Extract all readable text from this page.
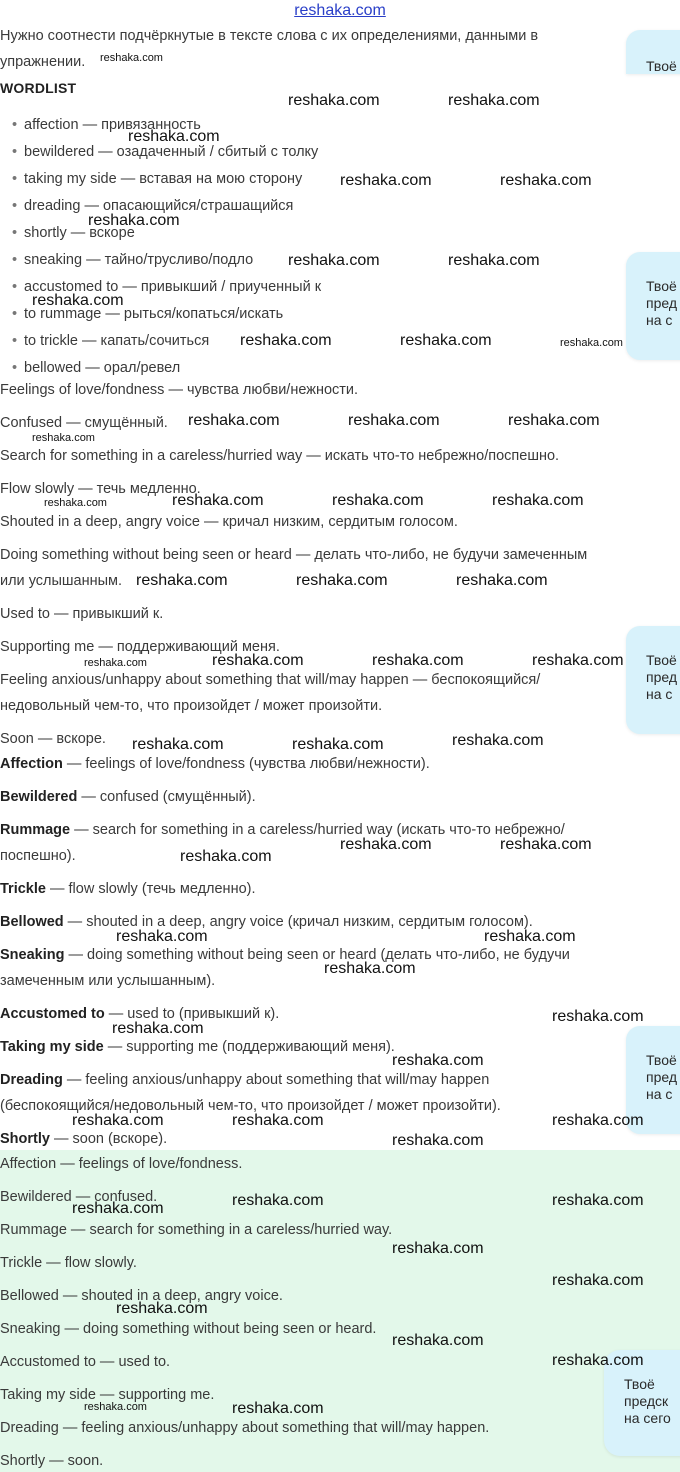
reshaka.com
Нужно соотнести подчёркнутые в тексте слова с их определениями, данными в
упражнении.
WORDLIST
• affection — привязанность
• bewildered — озадаченный / сбитый с толку
• taking my side — вставая на мою сторону
• dreading — опасающийся/страшащийся
• shortly — вскоре
• sneaking — тайно/трусливо/подло
• accustomed to — привыкший / приученный к
• to rummage — рыться/копаться/искать
• to trickle — капать/сочиться
• bellowed — орал/ревел
Feelings of love/fondness — чувства любви/нежности.
Confused — смущённый.
Search for something in a careless/hurried way — искать что-то небрежно/поспешно.
Flow slowly — течь медленно.
Shouted in a deep, angry voice — кричал низким, сердитым голосом.
Doing something without being seen or heard — делать что-либо, не будучи замеченным
или услышанным.
Used to — привыкший к.
Supporting me — поддерживающий меня.
Feeling anxious/unhappy about something that will/may happen — беспокоящийся/
недовольный чем-то, что произойдет / может произойти.
Soon — вскоре.
Affection — feelings of love/fondness (чувства любви/нежности).
Bewildered — confused (смущённый).
Rummage — search for something in a careless/hurried way (искать что-то небрежно/
поспешно).
Trickle — flow slowly (течь медленно).
Bellowed — shouted in a deep, angry voice (кричал низким, сердитым голосом).
Sneaking — doing something without being seen or heard (делать что-либо, не будучи
замеченным или услышанным).
Accustomed to — used to (привыкший к).
Taking my side — supporting me (поддерживающий меня).
Dreading — feeling anxious/unhappy about something that will/may happen
(беспокоящийся/недовольный чем-то, что произойдет / может произойти).
Shortly — soon (вскоре).
Affection — feelings of love/fondness.
Bewildered — confused.
Rummage — search for something in a careless/hurried way.
Trickle — flow slowly.
Bellowed — shouted in a deep, angry voice.
Sneaking — doing something without being seen or heard.
Accustomed to — used to.
Taking my side — supporting me.
Dreading — feeling anxious/unhappy about something that will/may happen.
Shortly — soon.
Твоё
Твоё
пред
на с
Твоё
пред
на с
Твоё
пред
на с
Твоё
предск
на сего
reshaka.com
reshaka.com	reshaka.com
reshaka.com
reshaka.com	reshaka.com
reshaka.com
reshaka.com	reshaka.com
reshaka.com
reshaka.com	reshaka.com	reshaka.com
reshaka.com	reshaka.com	reshaka.com
reshaka.com
reshaka.com	reshaka.com	reshaka.com	reshaka.com
reshaka.com	reshaka.com	reshaka.com
reshaka.com	reshaka.com	reshaka.com	reshaka.com
reshaka.com	reshaka.com	reshaka.com
reshaka.com	reshaka.com
reshaka.com
reshaka.com	reshaka.com
reshaka.com
reshaka.com
reshaka.com
reshaka.com
reshaka.com	reshaka.com	reshaka.com
reshaka.com
reshaka.com	reshaka.com
reshaka.com
reshaka.com
reshaka.com
reshaka.com
reshaka.com
reshaka.com
reshaka.com	reshaka.com
